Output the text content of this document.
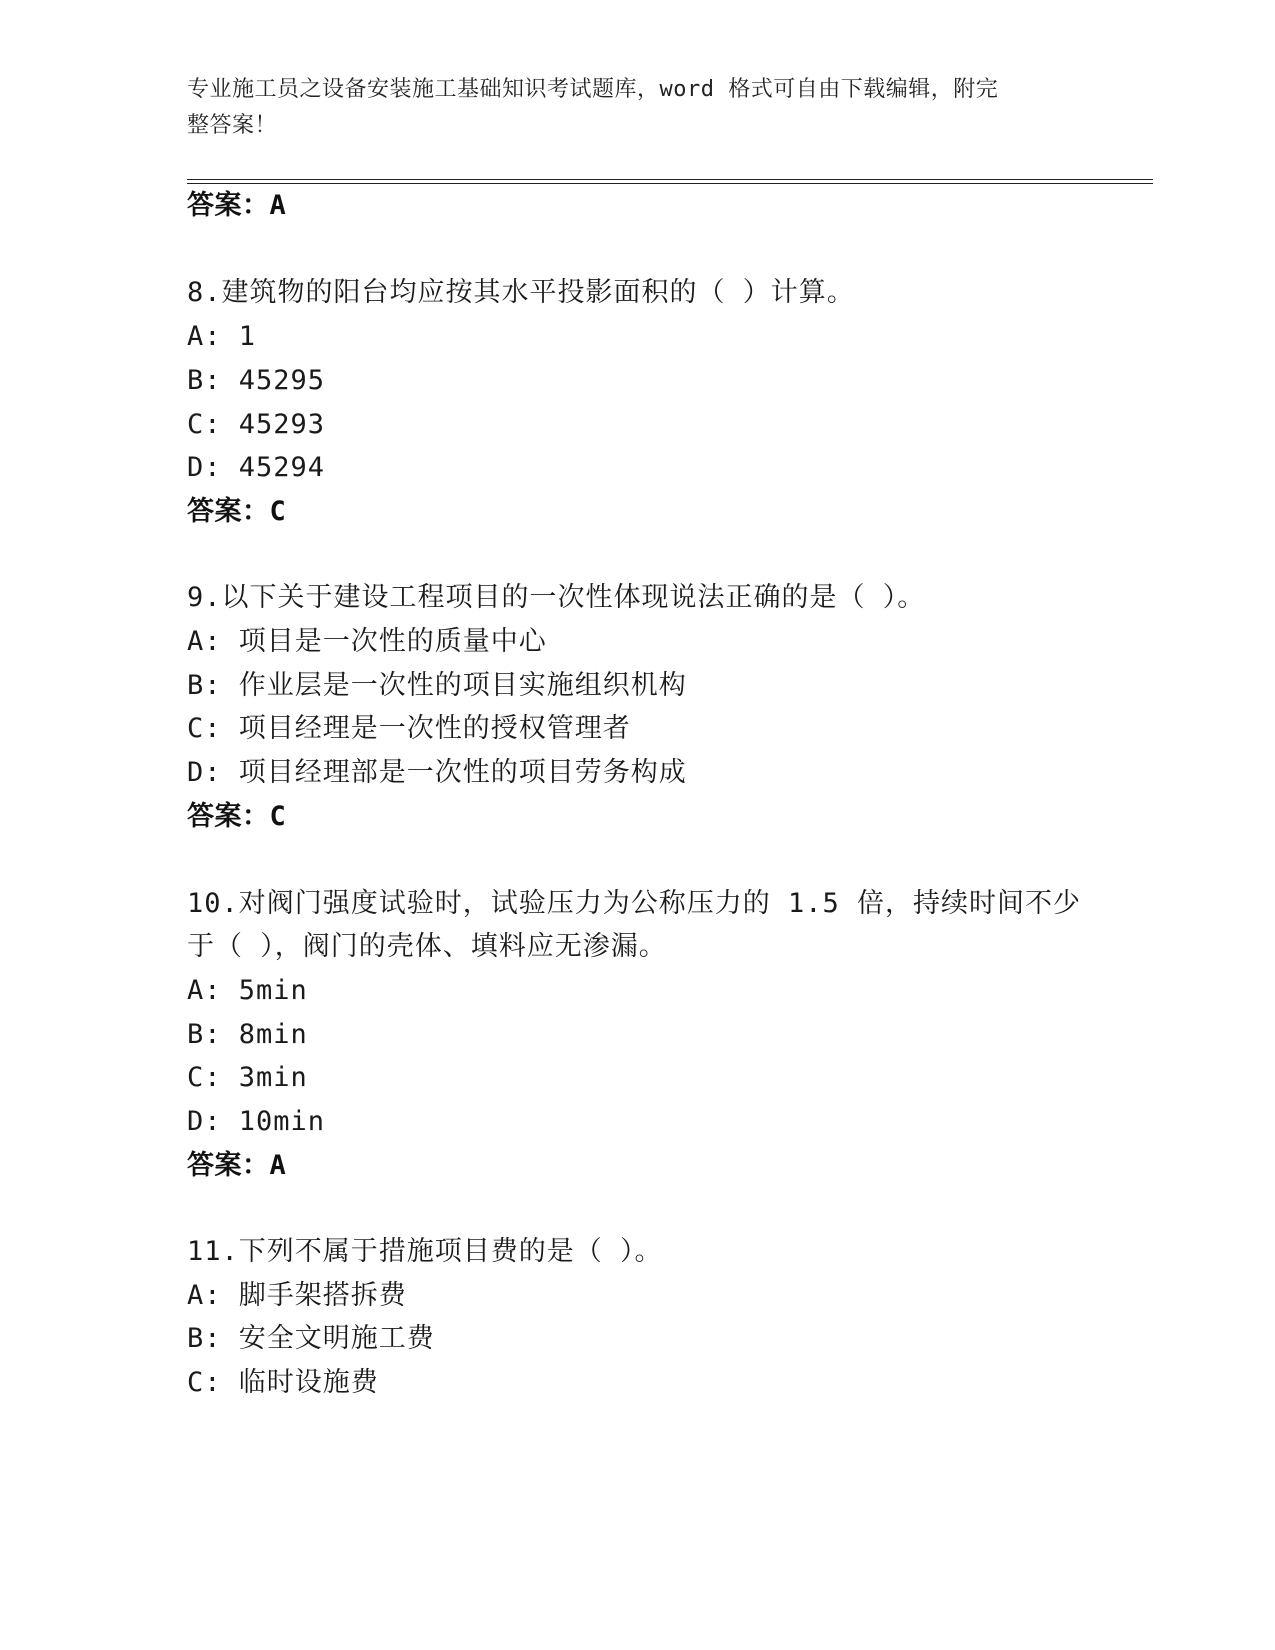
专业施工员之设备安装施工基础知识考试题库，word 格式可自由下载编辑，附完
整答案！
答案：A
8.建筑物的阳台均应按其水平投影面积的（ ）计算。
A: 1
B: 45295
C: 45293
D: 45294
答案：C
9.以下关于建设工程项目的一次性体现说法正确的是（ ）。
A: 项目是一次性的质量中心
B: 作业层是一次性的项目实施组织机构
C: 项目经理是一次性的授权管理者
D: 项目经理部是一次性的项目劳务构成
答案：C
10.对阀门强度试验时，试验压力为公称压力的 1.5 倍，持续时间不少
于（ ），阀门的壳体、填料应无渗漏。
A: 5min
B: 8min
C: 3min
D: 10min
答案：A
11.下列不属于措施项目费的是（ ）。
A: 脚手架搭拆费
B: 安全文明施工费
C: 临时设施费
